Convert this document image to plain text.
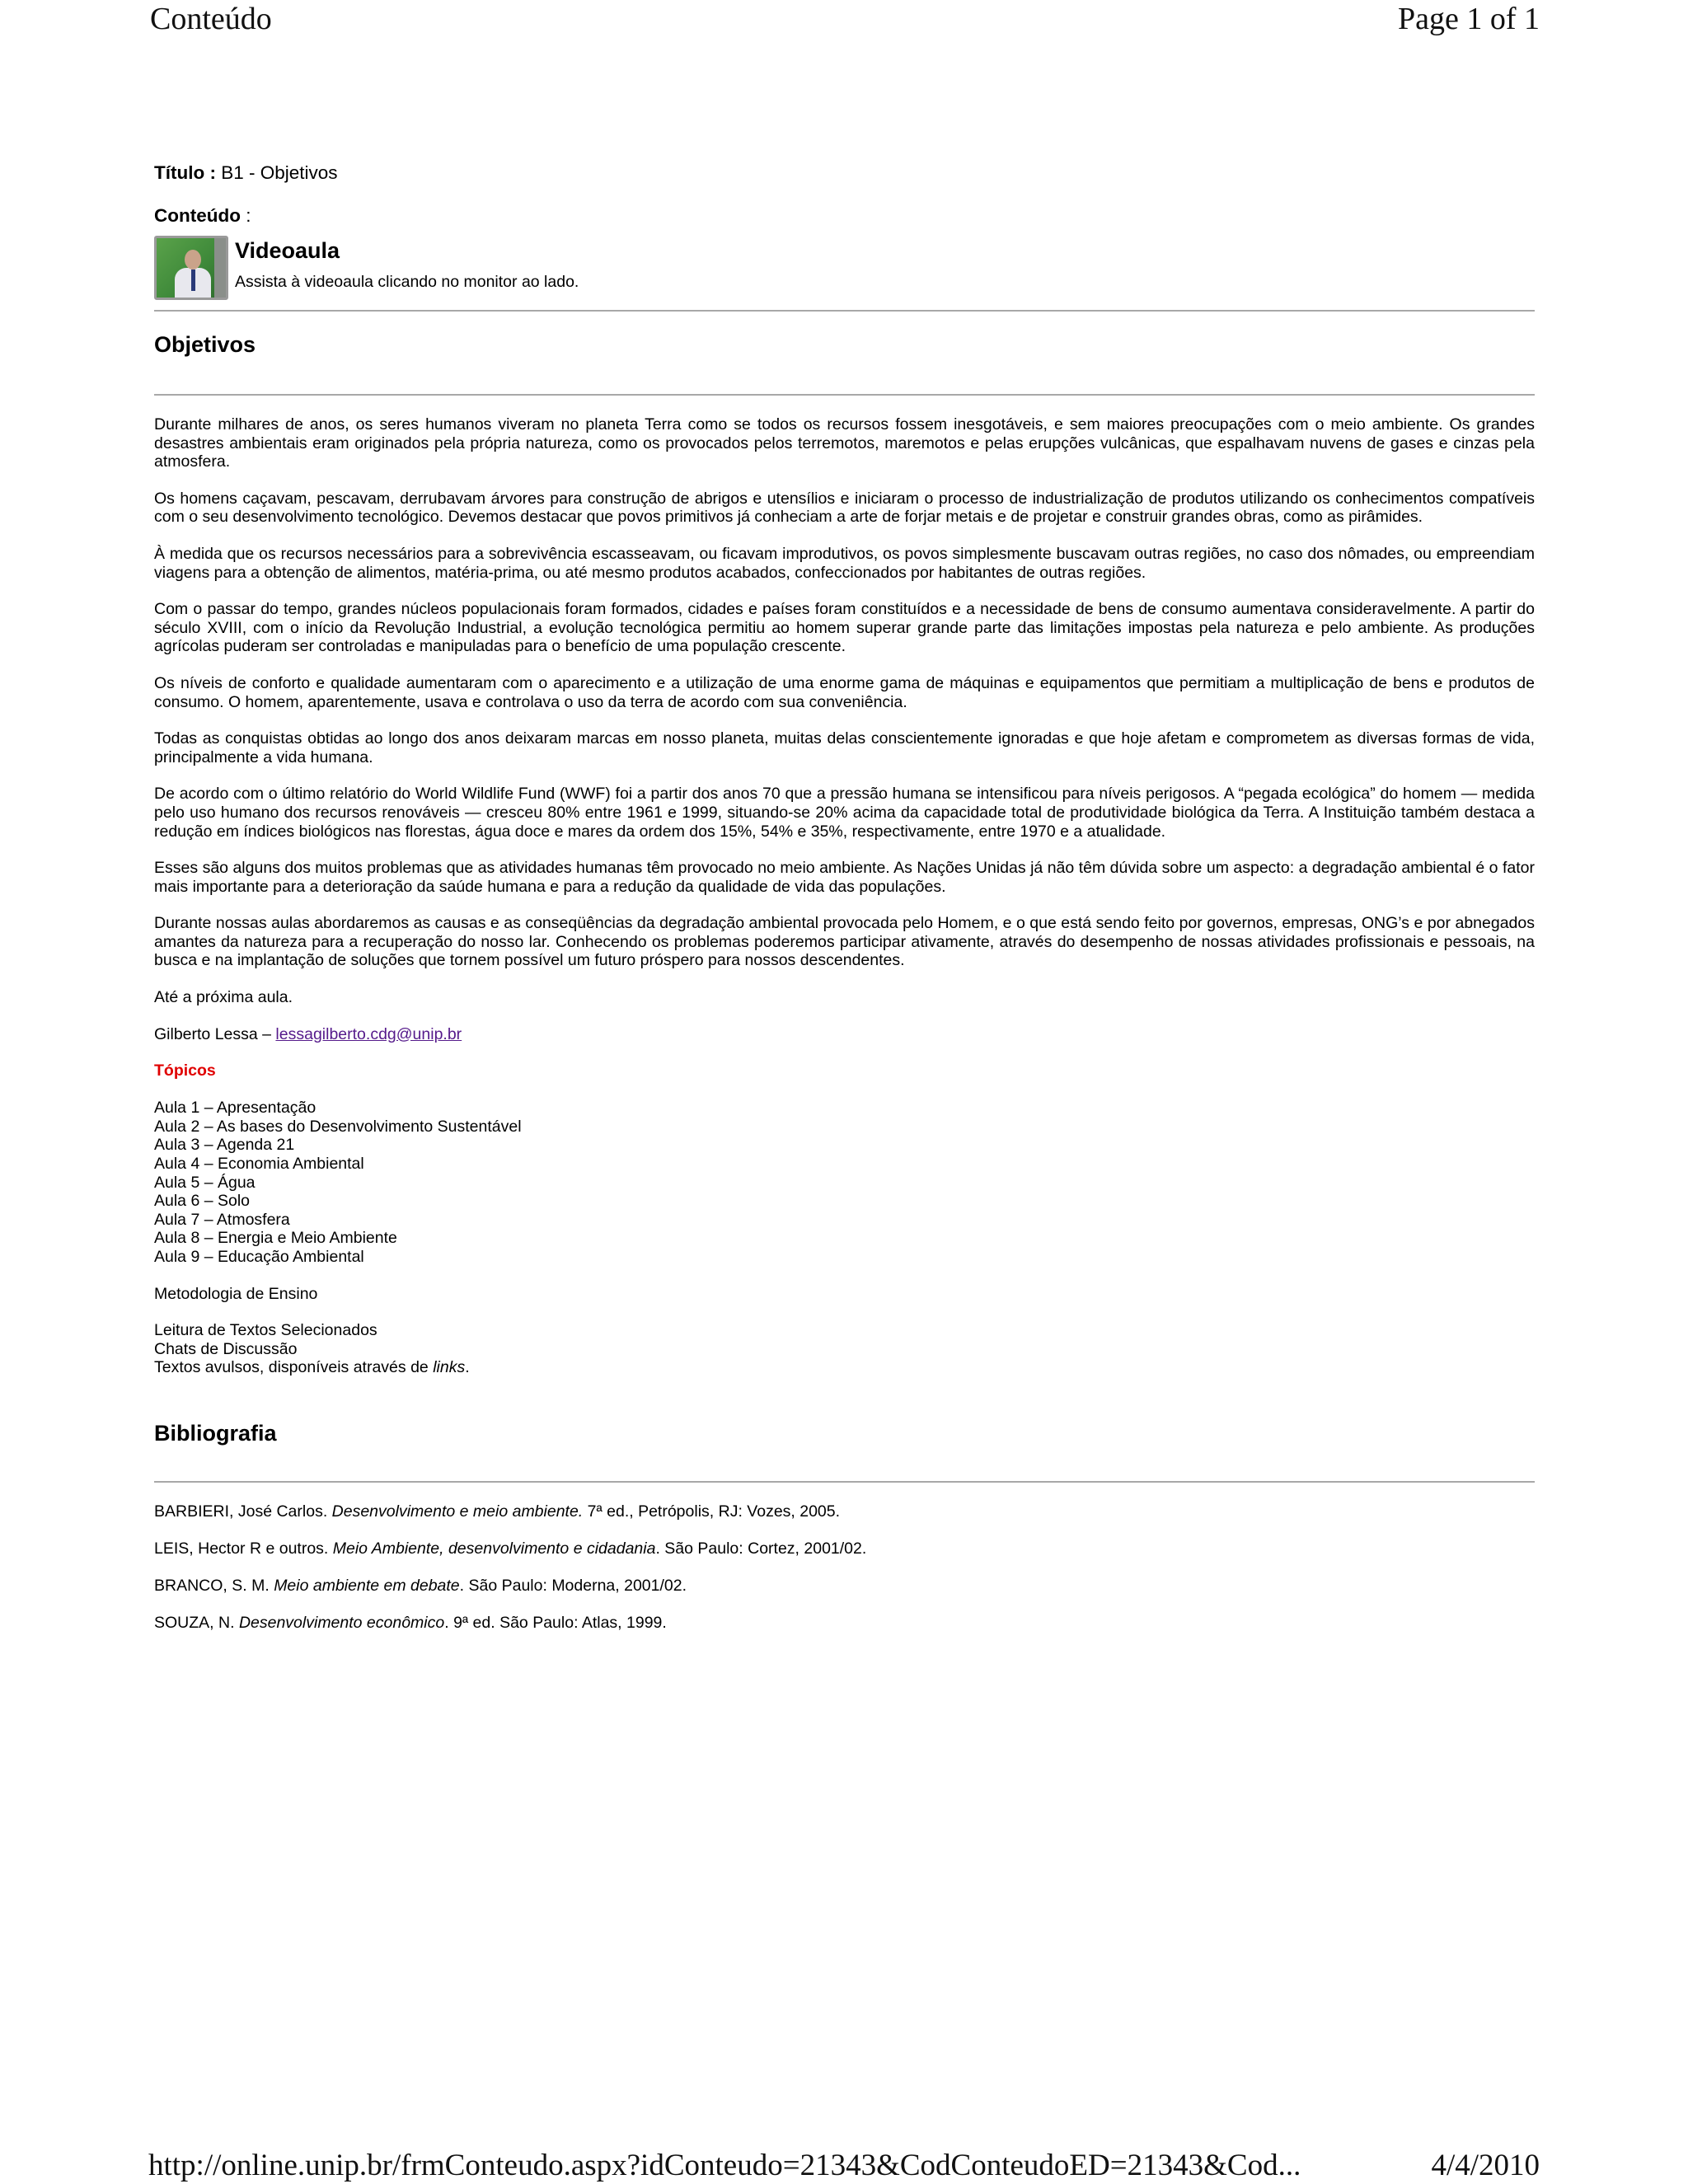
Conteúdo	Page 1 of 1

Título : B1 - Objetivos

Conteúdo :

Videoaula
Assista à videoaula clicando no monitor ao lado.
Objetivos

Durante milhares de anos, os seres humanos viveram no planeta Terra como se todos os recursos fossem inesgotáveis, e sem maiores preocupações com o meio ambiente. Os grandes desastres ambientais eram originados pela própria natureza, como os provocados pelos terremotos, maremotos e pelas erupções vulcânicas, que espalhavam nuvens de gases e cinzas pela atmosfera.

Os homens caçavam, pescavam, derrubavam árvores para construção de abrigos e utensílios e iniciaram o processo de industrialização de produtos utilizando os conhecimentos compatíveis com o seu desenvolvimento tecnológico. Devemos destacar que povos primitivos já conheciam a arte de forjar metais e de projetar e construir grandes obras, como as pirâmides.

À medida que os recursos necessários para a sobrevivência escasseavam, ou ficavam improdutivos, os povos simplesmente buscavam outras regiões, no caso dos nômades, ou empreendiam viagens para a obtenção de alimentos, matéria-prima, ou até mesmo produtos acabados, confeccionados por habitantes de outras regiões.

Com o passar do tempo, grandes núcleos populacionais foram formados, cidades e países foram constituídos e a necessidade de bens de consumo aumentava consideravelmente. A partir do século XVIII, com o início da Revolução Industrial, a evolução tecnológica permitiu ao homem superar grande parte das limitações impostas pela natureza e pelo ambiente. As produções agrícolas puderam ser controladas e manipuladas para o benefício de uma população crescente.

Os níveis de conforto e qualidade aumentaram com o aparecimento e a utilização de uma enorme gama de máquinas e equipamentos que permitiam a multiplicação de bens e produtos de consumo. O homem, aparentemente, usava e controlava o uso da terra de acordo com sua conveniência.

Todas as conquistas obtidas ao longo dos anos deixaram marcas em nosso planeta, muitas delas conscientemente ignoradas e que hoje afetam e comprometem as diversas formas de vida, principalmente a vida humana.

De acordo com o último relatório do World Wildlife Fund (WWF) foi a partir dos anos 70 que a pressão humana se intensificou para níveis perigosos. A “pegada ecológica” do homem — medida pelo uso humano dos recursos renováveis — cresceu 80% entre 1961 e 1999, situando-se 20% acima da capacidade total de produtividade biológica da Terra. A Instituição também destaca a redução em índices biológicos nas florestas, água doce e mares da ordem dos 15%, 54% e 35%, respectivamente, entre 1970 e a atualidade.

Esses são alguns dos muitos problemas que as atividades humanas têm provocado no meio ambiente. As Nações Unidas já não têm dúvida sobre um aspecto: a degradação ambiental é o fator mais importante para a deterioração da saúde humana e para a redução da qualidade de vida das populações.

Durante nossas aulas abordaremos as causas e as conseqüências da degradação ambiental provocada pelo Homem, e o que está sendo feito por governos, empresas, ONG’s e por abnegados amantes da natureza para a recuperação do nosso lar. Conhecendo os problemas poderemos participar ativamente, através do desempenho de nossas atividades profissionais e pessoais, na busca e na implantação de soluções que tornem possível um futuro próspero para nossos descendentes.

Até a próxima aula.

Gilberto Lessa – lessagilberto.cdg@unip.br

Tópicos

Aula 1 – Apresentação

Aula 2 – As bases do Desenvolvimento Sustentável

Aula 3 – Agenda 21

Aula 4 – Economia Ambiental

Aula 5 – Água

Aula 6 – Solo

Aula 7 – Atmosfera

Aula 8 – Energia e Meio Ambiente

Aula 9 – Educação Ambiental

Metodologia de Ensino

Leitura de Textos Selecionados

Chats de Discussão

Textos avulsos, disponíveis através de links.

Bibliografia

BARBIERI, José Carlos. Desenvolvimento e meio ambiente. 7ª ed., Petrópolis, RJ: Vozes, 2005.

LEIS, Hector R e outros. Meio Ambiente, desenvolvimento e cidadania. São Paulo: Cortez, 2001/02.

BRANCO, S. M. Meio ambiente em debate. São Paulo: Moderna, 2001/02.

SOUZA, N. Desenvolvimento econômico. 9ª ed. São Paulo: Atlas, 1999.

http://online.unip.br/frmConteudo.aspx?idConteudo=21343&CodConteudoED=21343&Cod...	4/4/2010
